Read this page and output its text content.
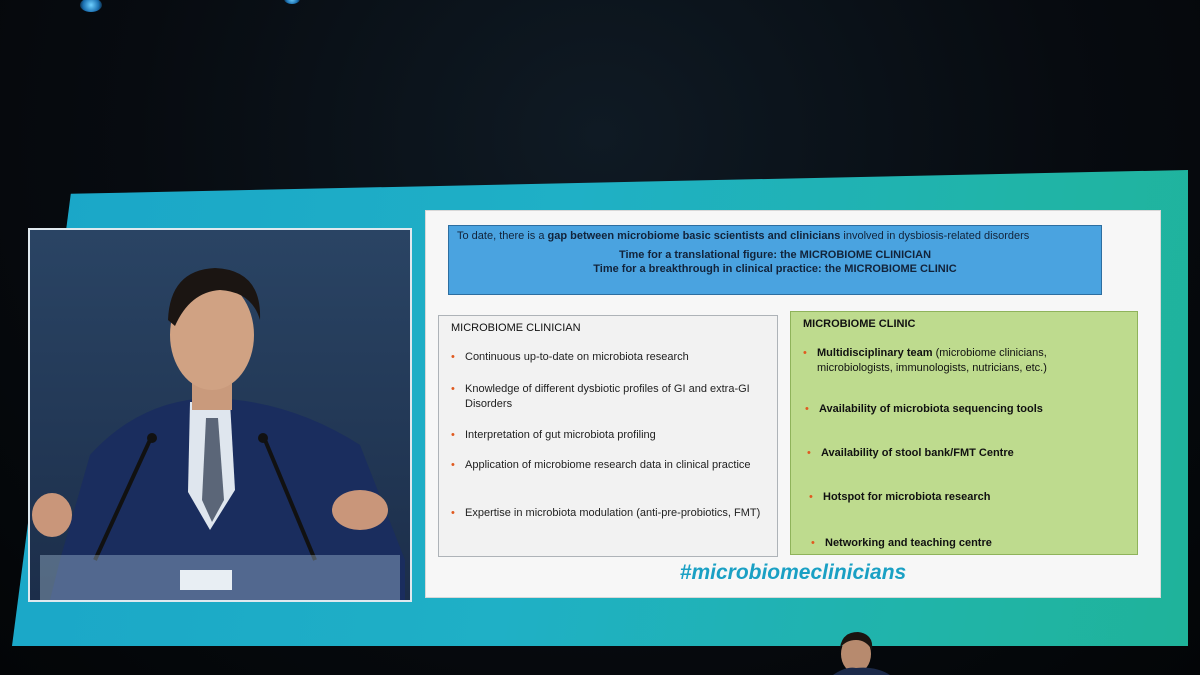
To date, there is a gap between microbiome basic scientists and clinicians involved in dysbiosis-related disorders
Time for a translational figure: the MICROBIOME CLINICIAN
Time for a breakthrough in clinical practice: the MICROBIOME CLINIC
MICROBIOME CLINICIAN
• Continuous up-to-date on microbiota research
• Knowledge of different dysbiotic profiles of GI and extra-GI Disorders
• Interpretation of gut microbiota profiling
• Application of microbiome research data in clinical practice
• Expertise in microbiota modulation (anti-pre-probiotics, FMT)
MICROBIOME CLINIC
• Multidisciplinary team (microbiome clinicians, microbiologists, immunologists, nutricians, etc.)
• Availability of microbiota sequencing tools
• Availability of stool bank/FMT Centre
• Hotspot for microbiota research
• Networking and teaching centre
#microbiomeclinicians
